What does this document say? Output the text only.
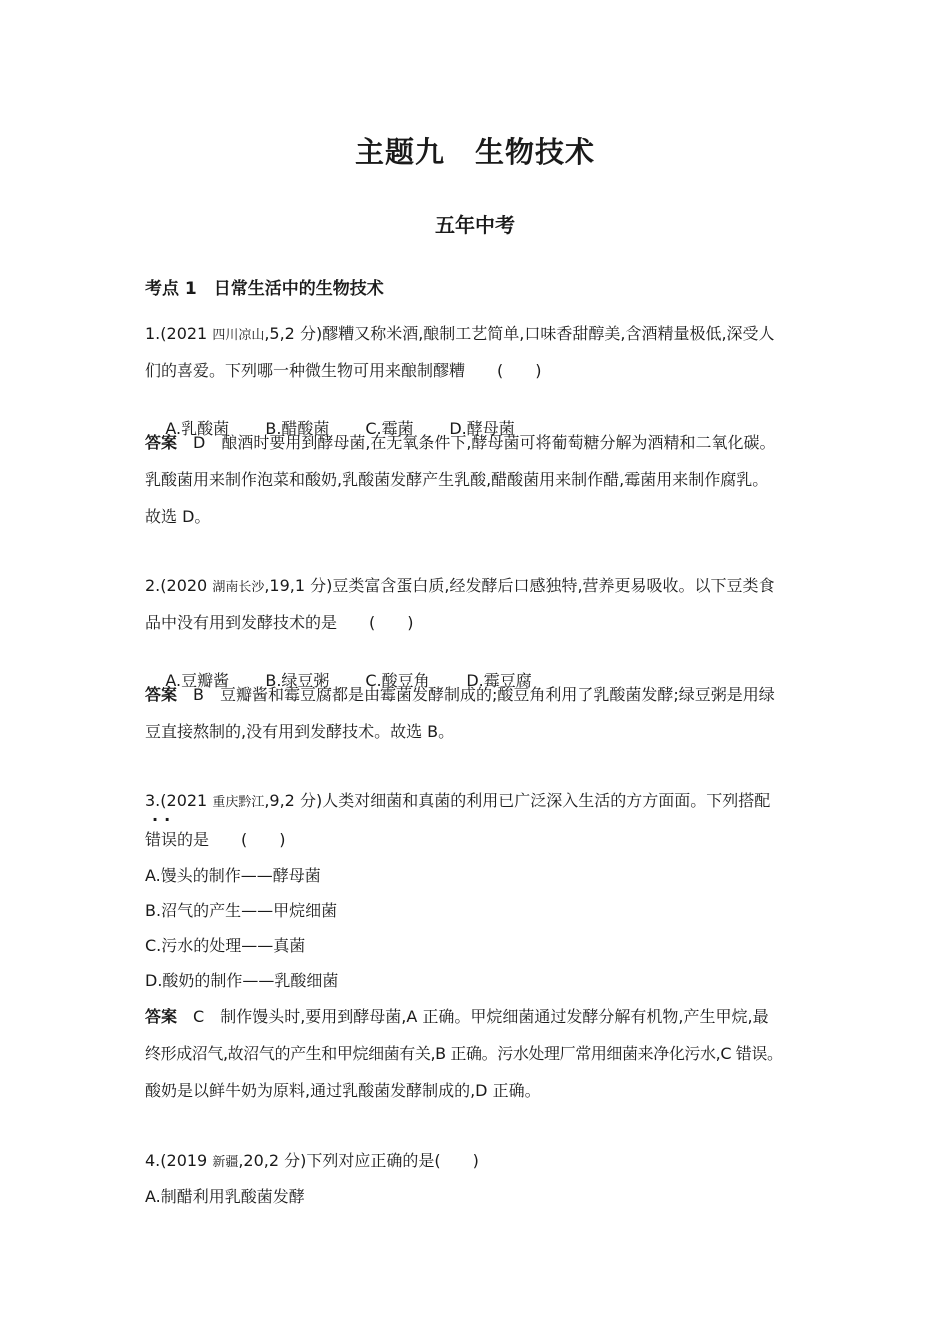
主题九　生物技术
五年中考
考点 1　日常生活中的生物技术
1.(2021 四川凉山,5,2 分)醪糟又称米酒,酿制工艺简单,口味香甜醇美,含酒精量极低,深受人
们的喜爱。下列哪一种微生物可用来酿制醪糟　　(　　)

A.乳酸菌 B.醋酸菌 C.霉菌 D.酵母菌

答案　D　酿酒时要用到酵母菌,在无氧条件下,酵母菌可将葡萄糖分解为酒精和二氧化碳。
乳酸菌用来制作泡菜和酸奶,乳酸菌发酵产生乳酸,醋酸菌用来制作醋,霉菌用来制作腐乳。
故选 D。
2.(2020 湖南长沙,19,1 分)豆类富含蛋白质,经发酵后口感独特,营养更易吸收。以下豆类食
品中没有用到发酵技术的是　　(　　)

A.豆瓣酱 B.绿豆粥 C.酸豆角 D.霉豆腐

答案　B　豆瓣酱和霉豆腐都是由霉菌发酵制成的;酸豆角利用了乳酸菌发酵;绿豆粥是用绿
豆直接熬制的,没有用到发酵技术。故选 B。
3.(2021 重庆黔江,9,2 分)人类对细菌和真菌的利用已广泛深入生活的方方面面。下列搭配
··
错误的是　　(　　)
A.馒头的制作——酵母菌
B.沼气的产生——甲烷细菌
C.污水的处理——真菌
D.酸奶的制作——乳酸细菌
答案　C　制作馒头时,要用到酵母菌,A 正确。甲烷细菌通过发酵分解有机物,产生甲烷,最
终形成沼气,故沼气的产生和甲烷细菌有关,B 正确。污水处理厂常用细菌来净化污水,C 错误。
酸奶是以鲜牛奶为原料,通过乳酸菌发酵制成的,D 正确。
4.(2019 新疆,20,2 分)下列对应正确的是(　　)
A.制醋利用乳酸菌发酵
